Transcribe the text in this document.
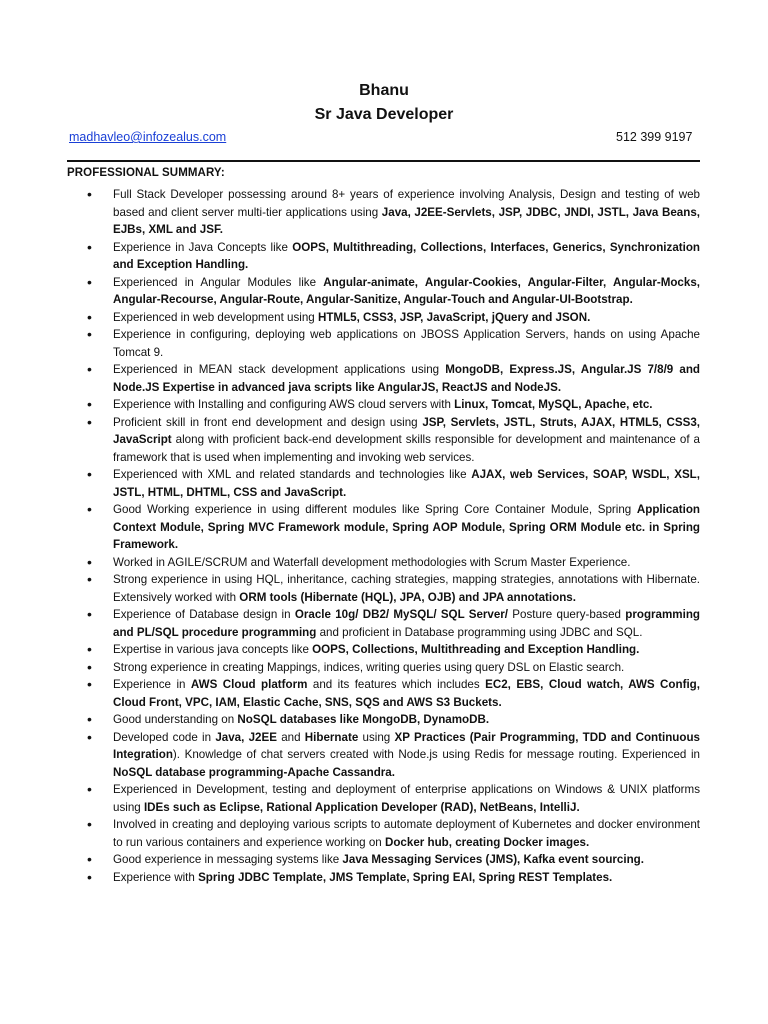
Bhanu
Sr Java Developer
madhavleo@infozealus.com	512 399 9197
PROFESSIONAL SUMMARY:
• Full Stack Developer possessing around 8+ years of experience involving Analysis, Design and testing of web based and client server multi-tier applications using Java, J2EE-Servlets, JSP, JDBC, JNDI, JSTL, Java Beans, EJBs, XML and JSF.
• Experience in Java Concepts like OOPS, Multithreading, Collections, Interfaces, Generics, Synchronization and Exception Handling.
• Experienced in Angular Modules like Angular-animate, Angular-Cookies, Angular-Filter, Angular-Mocks, Angular-Recourse, Angular-Route, Angular-Sanitize, Angular-Touch and Angular-UI-Bootstrap.
• Experienced in web development using HTML5, CSS3, JSP, JavaScript, jQuery and JSON.
• Experience in configuring, deploying web applications on JBOSS Application Servers, hands on using Apache Tomcat 9.
• Experienced in MEAN stack development applications using MongoDB, Express.JS, Angular.JS 7/8/9 and Node.JS Expertise in advanced java scripts like AngularJS, ReactJS and NodeJS.
• Experience with Installing and configuring AWS cloud servers with Linux, Tomcat, MySQL, Apache, etc.
• Proficient skill in front end development and design using JSP, Servlets, JSTL, Struts, AJAX, HTML5, CSS3, JavaScript along with proficient back-end development skills responsible for development and maintenance of a framework that is used when implementing and invoking web services.
• Experienced with XML and related standards and technologies like AJAX, web Services, SOAP, WSDL, XSL, JSTL, HTML, DHTML, CSS and JavaScript.
• Good Working experience in using different modules like Spring Core Container Module, Spring Application Context Module, Spring MVC Framework module, Spring AOP Module, Spring ORM Module etc. in Spring Framework.
• Worked in AGILE/SCRUM and Waterfall development methodologies with Scrum Master Experience.
• Strong experience in using HQL, inheritance, caching strategies, mapping strategies, annotations with Hibernate. Extensively worked with ORM tools (Hibernate (HQL), JPA, OJB) and JPA annotations.
• Experience of Database design in Oracle 10g/ DB2/ MySQL/ SQL Server/ Posture query-based programming and PL/SQL procedure programming and proficient in Database programming using JDBC and SQL.
• Expertise in various java concepts like OOPS, Collections, Multithreading and Exception Handling.
• Strong experience in creating Mappings, indices, writing queries using query DSL on Elastic search.
• Experience in AWS Cloud platform and its features which includes EC2, EBS, Cloud watch, AWS Config, Cloud Front, VPC, IAM, Elastic Cache, SNS, SQS and AWS S3 Buckets.
• Good understanding on NoSQL databases like MongoDB, DynamoDB.
• Developed code in Java, J2EE and Hibernate using XP Practices (Pair Programming, TDD and Continuous Integration). Knowledge of chat servers created with Node.js using Redis for message routing. Experienced in NoSQL database programming-Apache Cassandra.
• Experienced in Development, testing and deployment of enterprise applications on Windows & UNIX platforms using IDEs such as Eclipse, Rational Application Developer (RAD), NetBeans, IntelliJ.
• Involved in creating and deploying various scripts to automate deployment of Kubernetes and docker environment to run various containers and experience working on Docker hub, creating Docker images.
• Good experience in messaging systems like Java Messaging Services (JMS), Kafka event sourcing.
• Experience with Spring JDBC Template, JMS Template, Spring EAI, Spring REST Templates.
